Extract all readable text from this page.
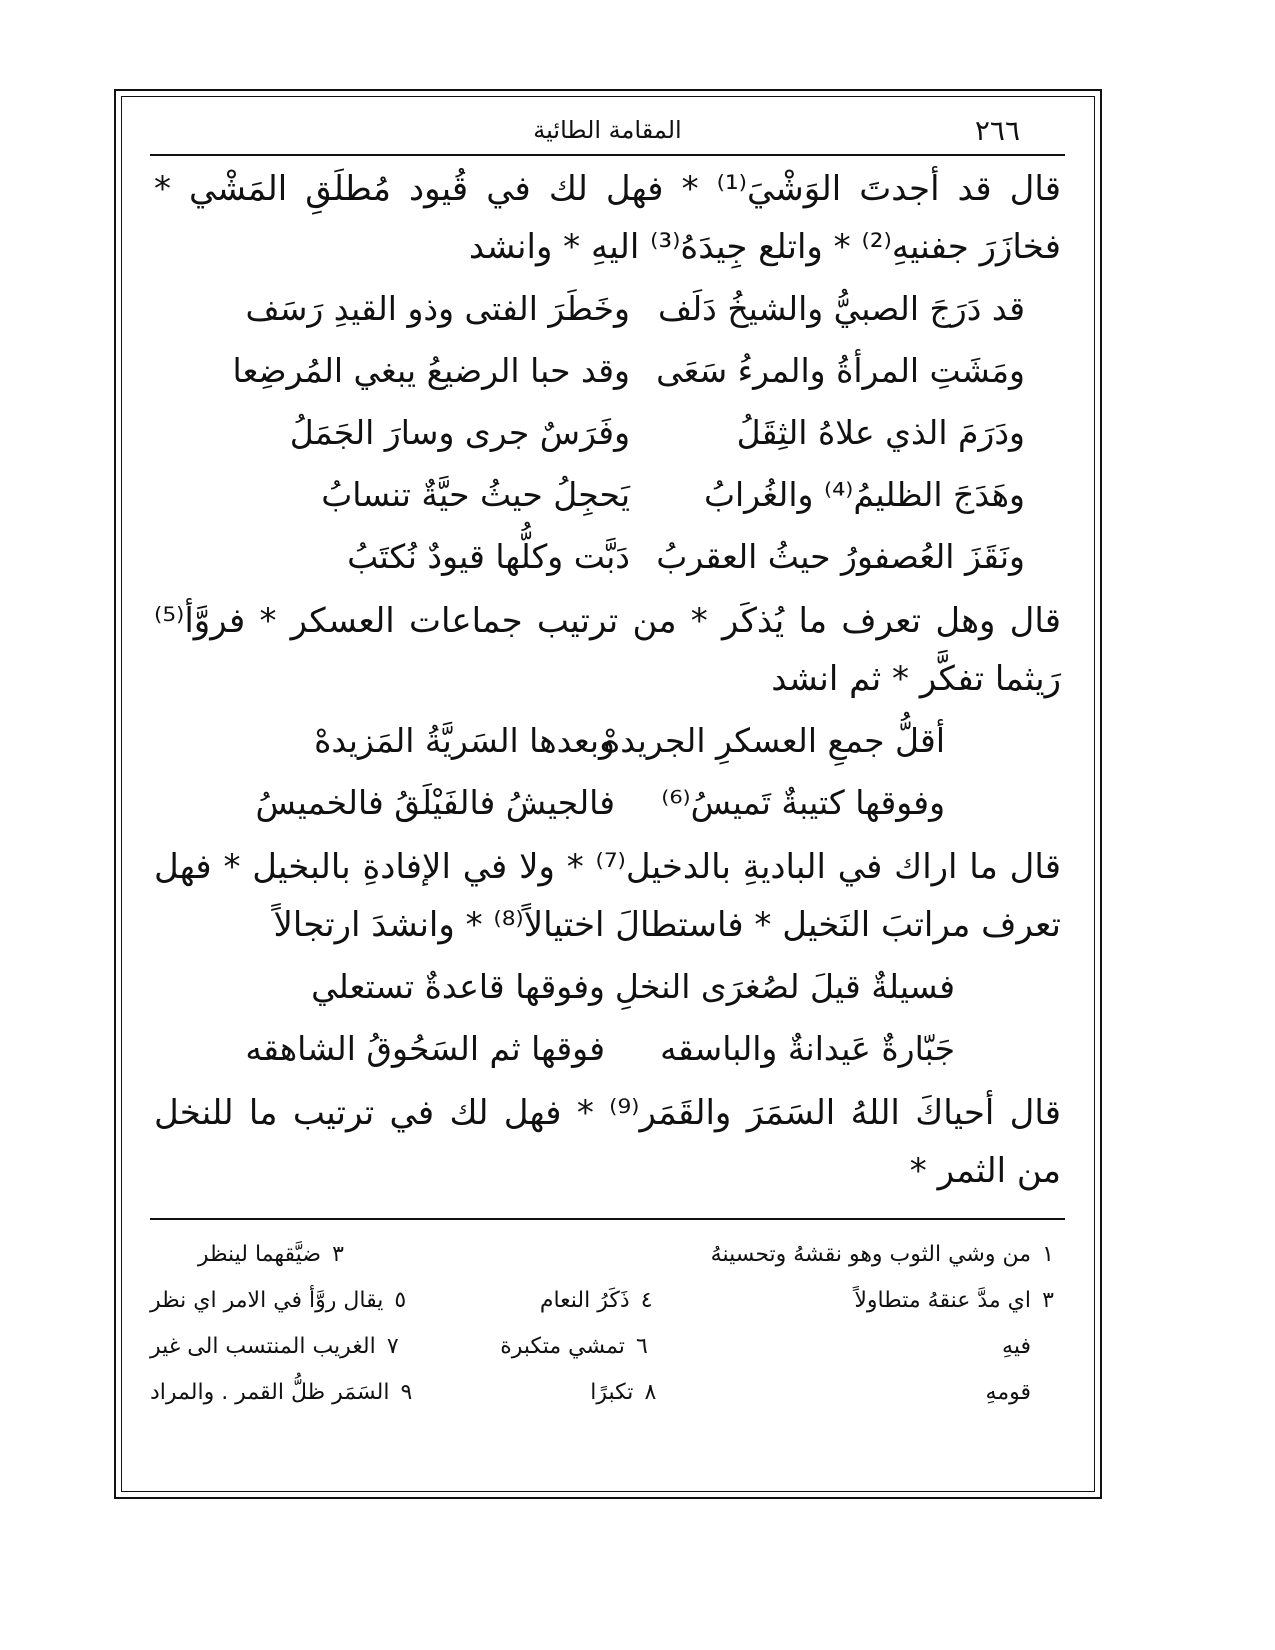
٢٦٦
المقامة الطائية

قال قد أجدتَ الوَشْيَ⁽¹⁾ * فهل لك في قُيود مُطلَقِ المَشْي * فخازَرَ جفنيهِ⁽²⁾ * واتلع جِيدَهُ⁽³⁾ اليهِ * وانشد

قد دَرَجَ الصبيُّ والشيخُ دَلَف
وخَطَرَ الفتى وذو القيدِ رَسَف
ومَشَتِ المرأةُ والمرءُ سَعَى
وقد حبا الرضيعُ يبغي المُرضِعا
ودَرَمَ الذي علاهُ الثِقَلُ
وفَرَسٌ جرى وسارَ الجَمَلُ
وهَدَجَ الظليمُ⁽⁴⁾ والغُرابُ
يَحجِلُ حيثُ حيَّةٌ تنسابُ
ونَقَزَ العُصفورُ حيثُ العقربُ
دَبَّت وكلُّها قيودٌ نُكتَبُ

قال وهل تعرف ما يُذكَر * من ترتيب جماعات العسكر * فروَّأ⁽⁵⁾ رَيثما تفكَّر * ثم انشد

أقلُّ جمعِ العسكرِ الجريدهْ
وبعدها السَريَّةُ المَزيدهْ
وفوقها كتيبةٌ تَميسُ⁽⁶⁾
فالجيشُ فالفَيْلَقُ فالخميسُ

قال ما اراك في الباديةِ بالدخيل⁽⁷⁾ * ولا في الإفادةِ بالبخيل * فهل تعرف مراتبَ النَخيل * فاستطالَ اختيالاً⁽⁸⁾ * وانشدَ ارتجالاً

فسيلةٌ قيلَ لصُغرَى النخلِ
وفوقها قاعدةٌ تستعلي
جَبّارةٌ عَيدانةٌ والباسقه
فوقها ثم السَحُوقُ الشاهقه

قال أحياكَ اللهُ السَمَرَ والقَمَر⁽⁹⁾ * فهل لك في ترتيب ما للنخل من الثمر *

١
من وشي الثوب وهو نقشهُ وتحسينهُ
٣
ضيَّقهما لينظر
٣
اي مدَّ عنقهُ متطاولاً
٤
ذَكَرُ النعام
٥
يقال روَّأ في الامر اي نظر
فيهِ
٦
تمشي متكبرة
٧
الغريب المنتسب الى غير
قومهِ
٨
تكبرًا
٩
السَمَر ظلُّ القمر . والمراد
